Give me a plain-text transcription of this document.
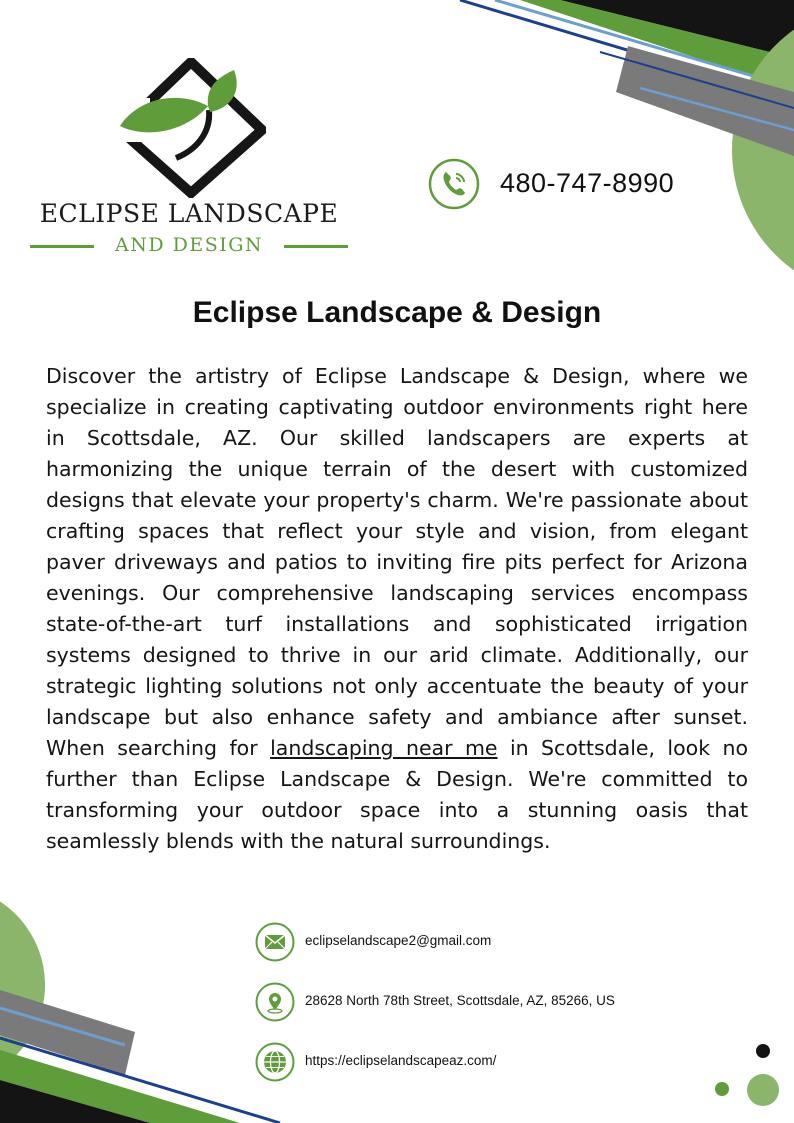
ECLIPSE LANDSCAPE
AND DESIGN
480-747-8990
Eclipse Landscape & Design

Discover the artistry of Eclipse Landscape & Design, where we specialize in creating captivating outdoor environments right here in Scottsdale, AZ. Our skilled landscapers are experts at harmonizing the unique terrain of the desert with customized designs that elevate your property's charm. We're passionate about crafting spaces that reflect your style and vision, from elegant paver driveways and patios to inviting fire pits perfect for Arizona evenings. Our comprehensive landscaping services encompass state-of-the-art turf installations and sophisticated irrigation systems designed to thrive in our arid climate. Additionally, our strategic lighting solutions not only accentuate the beauty of your landscape but also enhance safety and ambiance after sunset. When searching for landscaping near me in Scottsdale, look no further than Eclipse Landscape & Design. We're committed to transforming your outdoor space into a stunning oasis that seamlessly blends with the natural surroundings.

eclipselandscape2@gmail.com
28628 North 78th Street, Scottsdale, AZ, 85266, US
https://eclipselandscapeaz.com/
